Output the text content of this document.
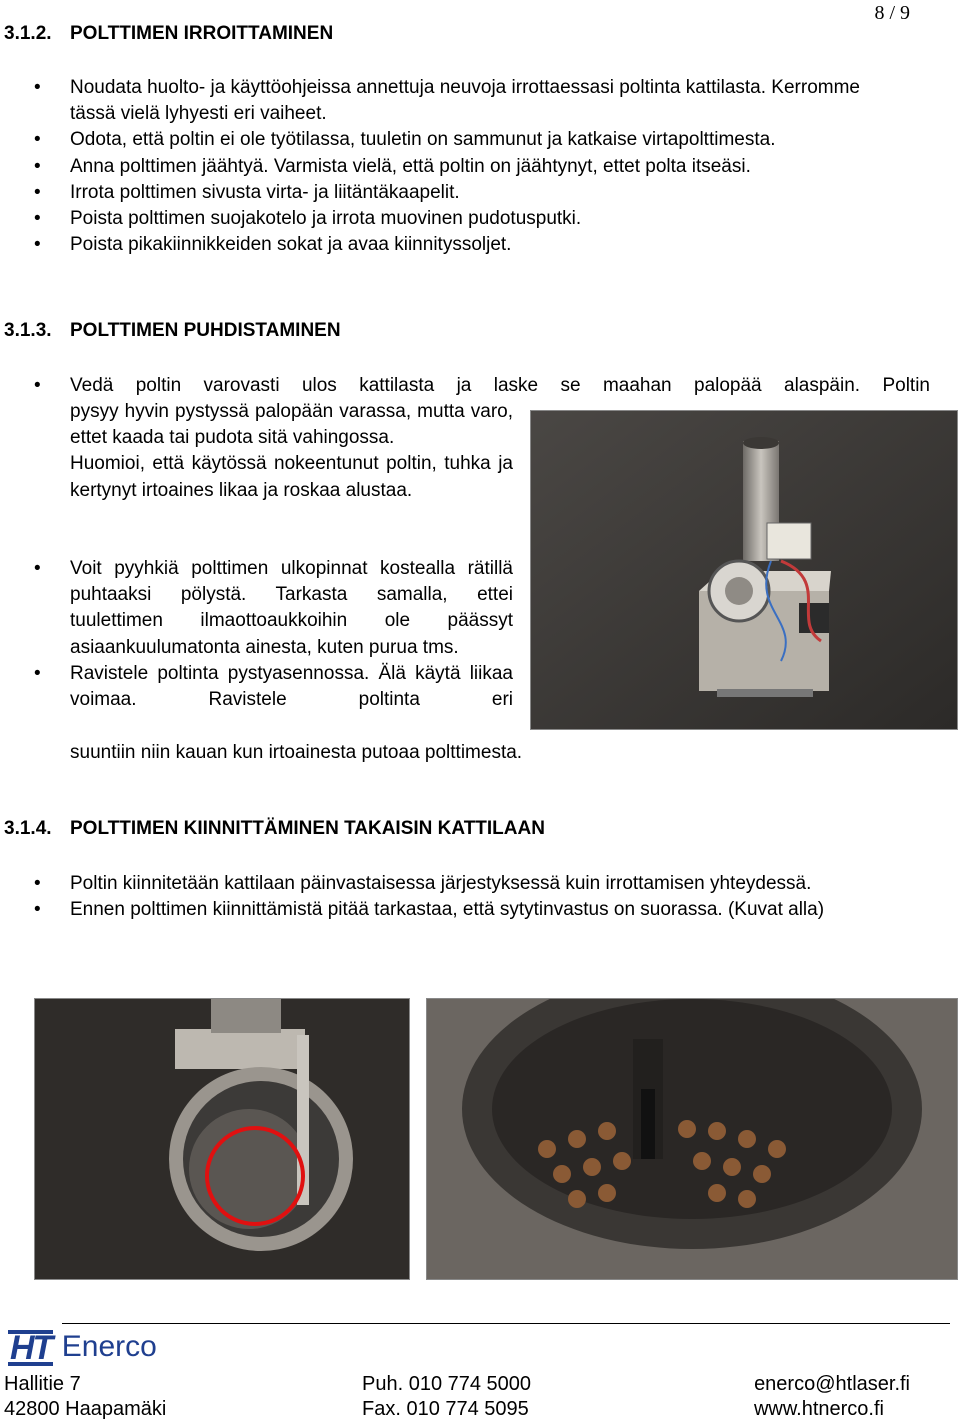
8 / 9
3.1.2. POLTTIMEN IRROITTAMINEN
• Noudata huolto- ja käyttöohjeissa annettuja neuvoja irrottaessasi poltinta kattilasta. Kerromme tässä vielä lyhyesti eri vaiheet.
• Odota, että poltin ei ole työtilassa, tuuletin on sammunut ja katkaise virtapolttimesta.
• Anna polttimen jäähtyä. Varmista vielä, että poltin on jäähtynyt, ettet polta itseäsi.
• Irrota polttimen sivusta virta- ja liitäntäkaapelit.
• Poista polttimen suojakotelo ja irrota muovinen pudotusputki.
• Poista pikakiinnikkeiden sokat ja avaa kiinnityssoljet.
3.1.3. POLTTIMEN PUHDISTAMINEN
• Vedä poltin varovasti ulos kattilasta ja laske se maahan palopää alaspäin. Poltin
pysyy hyvin pystyssä palopään varassa, mutta varo, ettet kaada tai pudota sitä vahingossa.
Huomioi, että käytössä nokeentunut poltin, tuhka ja kertynyt irtoaines likaa ja roskaa alustaa.
• Voit pyyhkiä polttimen ulkopinnat kostealla rätillä puhtaaksi pölystä. Tarkasta samalla, ettei tuulettimen ilmaottoaukkoihin ole päässyt asiaankuulumatonta ainesta, kuten purua tms.
• Ravistele poltinta pystyasennossa. Älä käytä liikaa voimaa. Ravistele poltinta eri
suuntiin niin kauan kun irtoainesta putoaa polttimesta.
3.1.4. POLTTIMEN KIINNITTÄMINEN TAKAISIN KATTILAAN
• Poltin kiinnitetään kattilaan päinvastaisessa järjestyksessä kuin irrottamisen yhteydessä.
• Ennen polttimen kiinnittämistä pitää tarkastaa, että sytytinvastus on suorassa. (Kuvat alla)
HT Enerco
Hallitie 7
42800 Haapamäki
Puh. 010 774 5000
Fax. 010 774 5095
enerco@htlaser.fi
www.htnerco.fi
